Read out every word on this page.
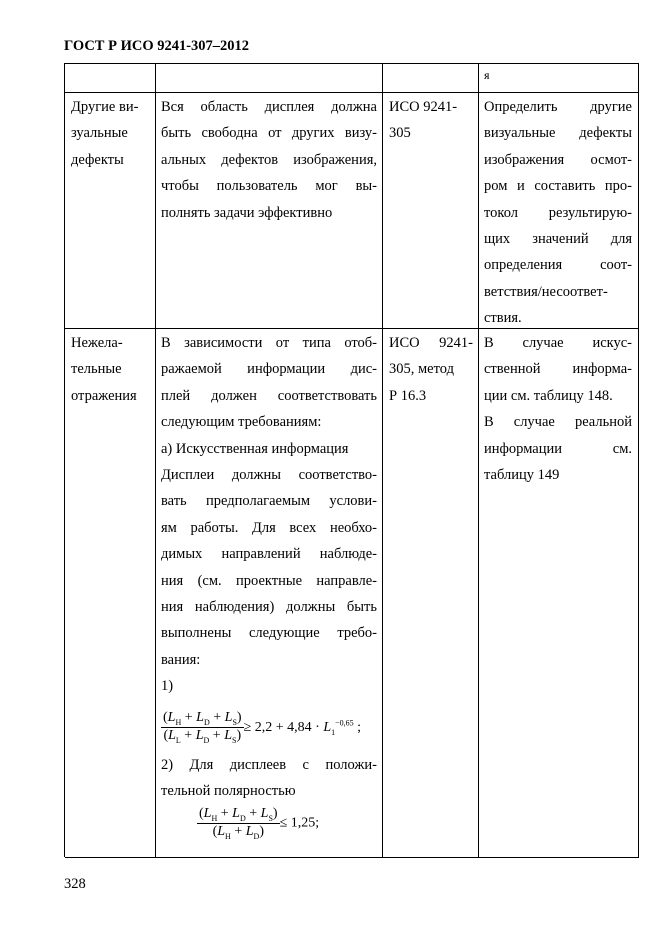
ГОСТ Р ИСО 9241-307–2012
я
Другие ви-
зуальные
дефекты
Вся область дисплея должна
быть свободна от других визу-
альных дефектов изображения,
чтобы пользователь мог вы-
полнять задачи эффективно
ИСО 9241-
305
Определить другие
визуальные дефекты
изображения осмот-
ром и составить про-
токол результирую-
щих значений для
определения соот-
ветствия/несоответ-
ствия.
Нежела-
тельные
отражения
В зависимости от типа отоб-
ражаемой информации дис-
плей должен соответствовать
следующим требованиям:
а) Искусственная информация
Дисплеи должны соответство-
вать предполагаемым услови-
ям работы. Для всех необхо-
димых направлений наблюде-
ния (см. проектные направле-
ния наблюдения) должны быть
выполнены следующие требо-
вания:
1)
$\frac{(L_H + L_D + L_S)}{(L_L + L_D + L_S)} \ge 2,2 + 4,84 \cdot L_1^{-0,65}$ ;
2) Для дисплеев с положи-
тельной полярностью
$\frac{(L_H + L_D + L_S)}{(L_H + L_D)} \le 1,25$;
ИСО 9241-
305, метод
Р 16.3
В случае искус-
ственной информа-
ции см. таблицу 148.
В случае реальной
информации см.
таблицу 149
328
